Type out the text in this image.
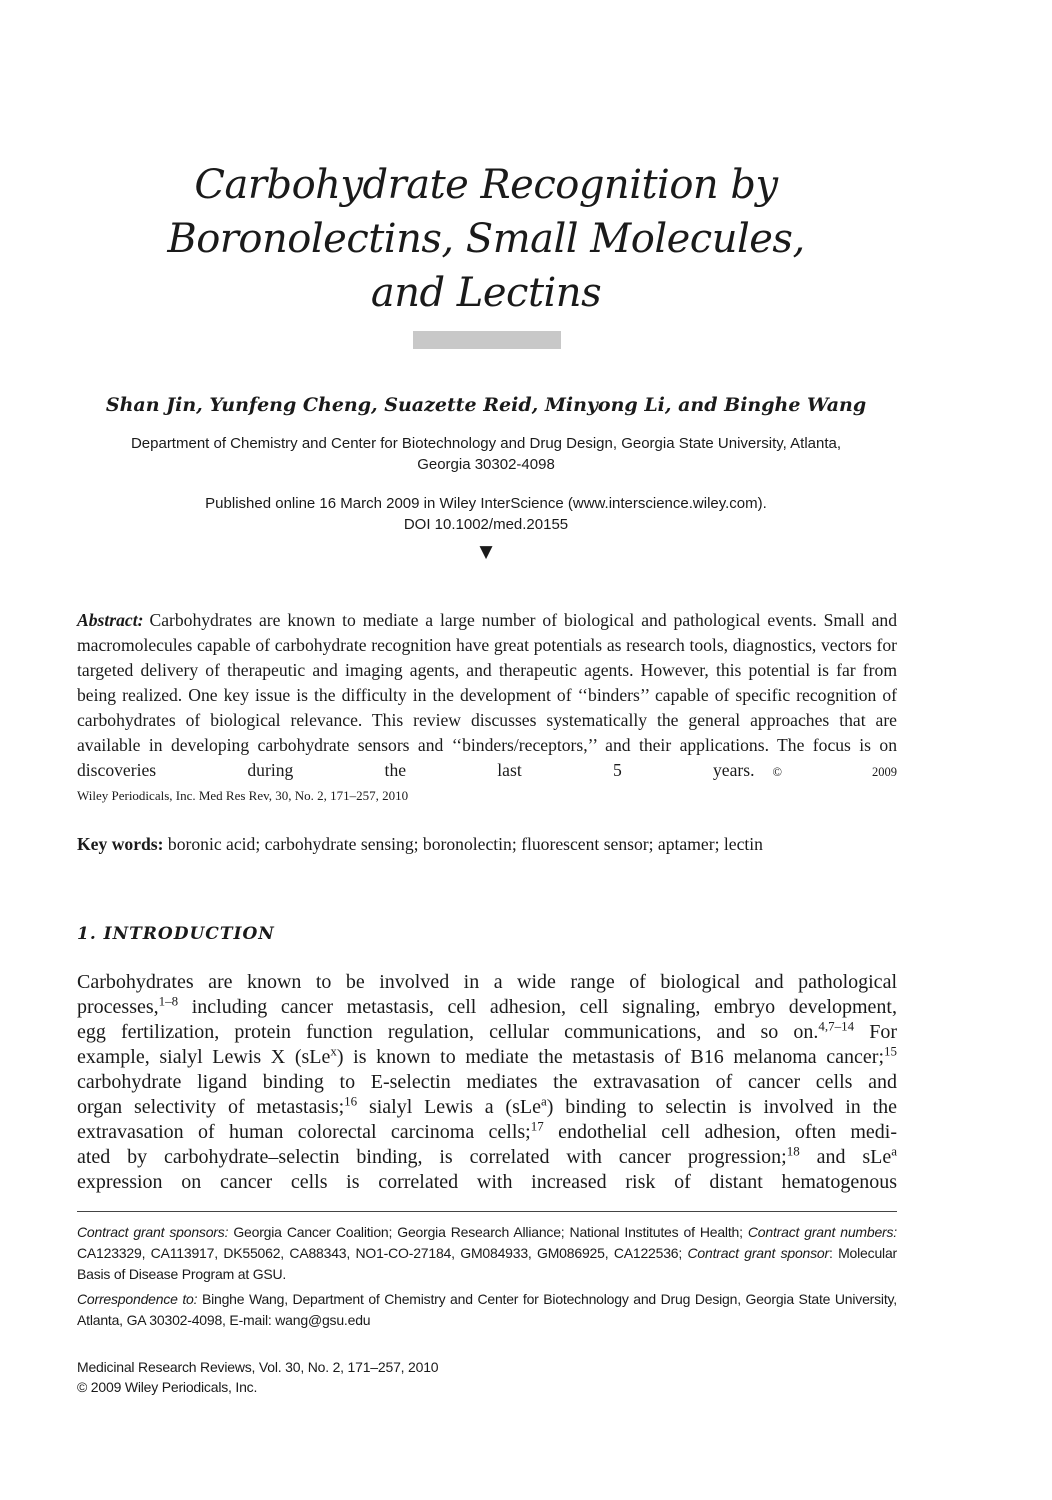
Carbohydrate Recognition by
Boronolectins, Small Molecules,
and Lectins
Shan Jin, Yunfeng Cheng, Suazette Reid, Minyong Li, and Binghe Wang
Department of Chemistry and Center for Biotechnology and Drug Design, Georgia State University, Atlanta,
Georgia 30302-4098
Published online 16 March 2009 in Wiley InterScience (www.interscience.wiley.com).
DOI 10.1002/med.20155
▼
Abstract: Carbohydrates are known to mediate a large number of biological and pathological events. Small and macromolecules capable of carbohydrate recognition have great potentials as research tools, diagnostics, vectors for targeted delivery of therapeutic and imaging agents, and therapeutic agents. However, this potential is far from being realized. One key issue is the difficulty in the development of ‘‘binders’’ capable of specific recognition of carbohydrates of biological relevance. This review discusses systematically the general approaches that are available in developing carbohydrate sensors and ‘‘binders/receptors,’’ and their applications. The focus is on discoveries during the last 5 years. © 2009
Wiley Periodicals, Inc. Med Res Rev, 30, No. 2, 171–257, 2010
Key words: boronic acid; carbohydrate sensing; boronolectin; fluorescent sensor; aptamer; lectin
1. INTRODUCTION
Carbohydrates are known to be involved in a wide range of biological and pathological
processes,$^{1-8}$ including cancer metastasis, cell adhesion, cell signaling, embryo development,
egg fertilization, protein function regulation, cellular communications, and so on.$^{4,7-14}$ For
example, sialyl Lewis X (sLe$^x$) is known to mediate the metastasis of B16 melanoma cancer;$^{15}$
carbohydrate ligand binding to E-selectin mediates the extravasation of cancer cells and
organ selectivity of metastasis;$^{16}$ sialyl Lewis a (sLe$^a$) binding to selectin is involved in the
extravasation of human colorectal carcinoma cells;$^{17}$ endothelial cell adhesion, often medi-
ated by carbohydrate–selectin binding, is correlated with cancer progression;$^{18}$ and sLe$^a$
expression on cancer cells is correlated with increased risk of distant hematogenous
Contract grant sponsors: Georgia Cancer Coalition; Georgia Research Alliance; National Institutes of Health; Contract grant numbers: CA123329, CA113917, DK55062, CA88343, NO1-CO-27184, GM084933, GM086925, CA122536; Contract grant sponsor: Molecular Basis of Disease Program at GSU.
Correspondence to: Binghe Wang, Department of Chemistry and Center for Biotechnology and Drug Design, Georgia State University, Atlanta, GA 30302-4098, E-mail: wang@gsu.edu
Medicinal Research Reviews, Vol. 30, No. 2, 171–257, 2010
© 2009 Wiley Periodicals, Inc.
